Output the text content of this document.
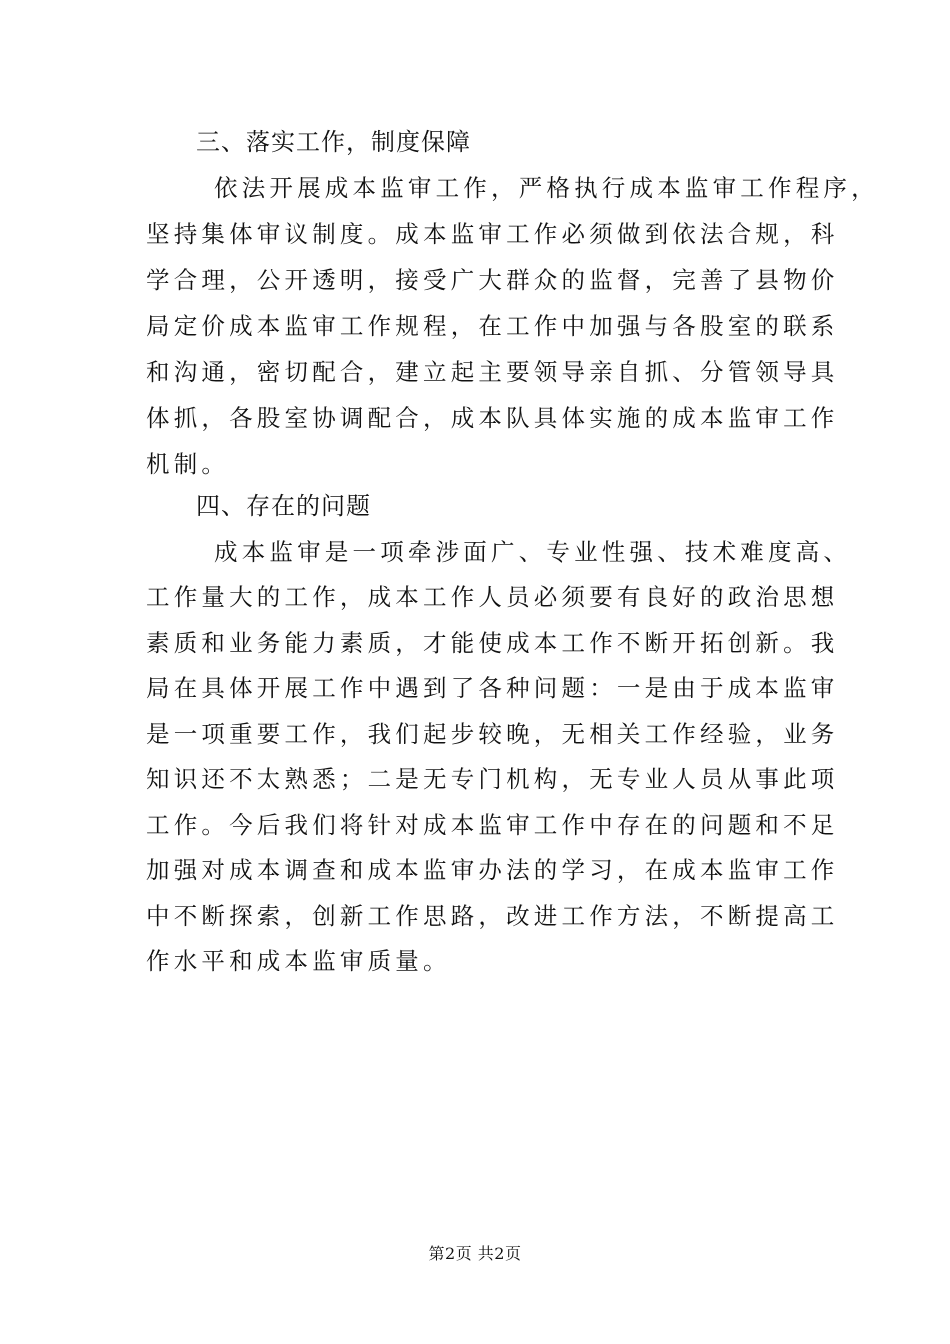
三、落实工作，制度保障

依法开展成本监审工作，严格执行成本监审工作程序，

坚持集体审议制度。成本监审工作必须做到依法合规，科

学合理，公开透明，接受广大群众的监督，完善了县物价

局定价成本监审工作规程，在工作中加强与各股室的联系

和沟通，密切配合，建立起主要领导亲自抓、分管领导具

体抓，各股室协调配合，成本队具体实施的成本监审工作

机制。

四、存在的问题

成本监审是一项牵涉面广、专业性强、技术难度高、

工作量大的工作，成本工作人员必须要有良好的政治思想

素质和业务能力素质，才能使成本工作不断开拓创新。我

局在具体开展工作中遇到了各种问题：一是由于成本监审

是一项重要工作，我们起步较晚，无相关工作经验，业务

知识还不太熟悉；二是无专门机构，无专业人员从事此项

工作。今后我们将针对成本监审工作中存在的问题和不足

加强对成本调查和成本监审办法的学习，在成本监审工作

中不断探索，创新工作思路，改进工作方法，不断提高工

作水平和成本监审质量。

第2页 共2页
